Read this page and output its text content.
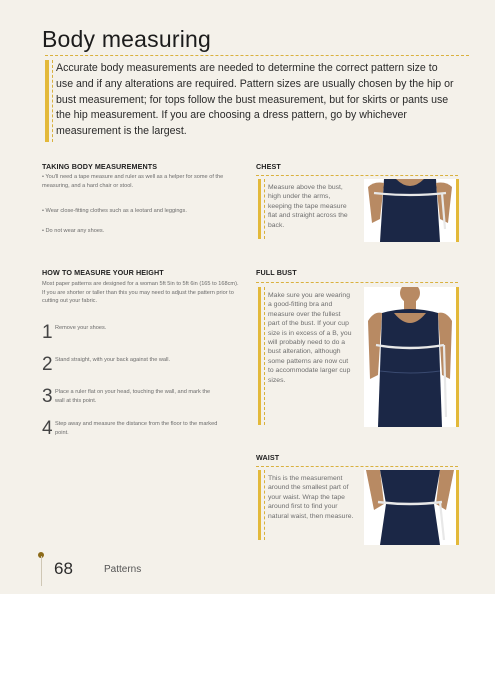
Body measuring

Accurate body measurements are needed to determine the correct pattern size to use and if any alterations are required. Pattern sizes are usually chosen by the hip or bust measurement; for tops follow the bust measurement, but for skirts or pants use the hip measurement. If you are choosing a dress pattern, go by whichever measurement is the largest.

TAKING BODY MEASUREMENTS

• You'll need a tape measure and ruler as well as a helper for some of the measuring, and a hard chair or stool.

• Wear close-fitting clothes such as a leotard and leggings.

• Do not wear any shoes.

HOW TO MEASURE YOUR HEIGHT

Most paper patterns are designed for a woman 5ft 5in to 5ft 6in (165 to 168cm). If you are shorter or taller than this you may need to adjust the pattern prior to cutting out your fabric.

1 Remove your shoes.
2 Stand straight, with your back against the wall.
3 Place a ruler flat on your head, touching the wall, and mark the wall at this point.
4 Step away and measure the distance from the floor to the marked point.
CHEST

Measure above the bust, high under the arms, keeping the tape measure flat and straight across the back.

FULL BUST

Make sure you are wearing a good-fitting bra and measure over the fullest part of the bust. If your cup size is in excess of a B, you will probably need to do a bust alteration, although some patterns are now cut to accommodate larger cup sizes.

WAIST

This is the measurement around the smallest part of your waist. Wrap the tape around first to find your natural waist, then measure.

68	Patterns
